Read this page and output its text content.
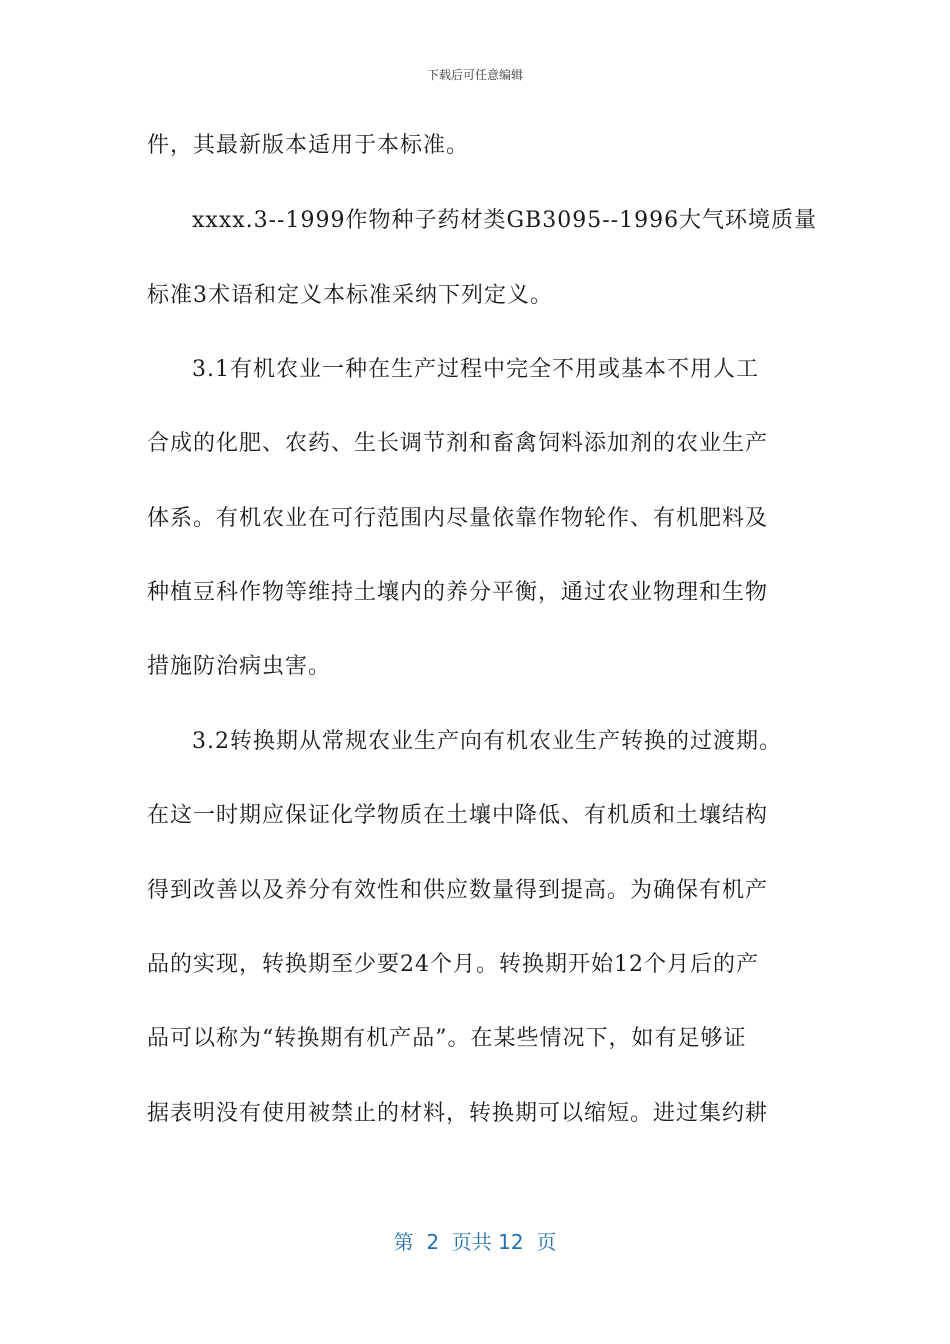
下载后可任意编辑
件，其最新版本适用于本标准。
xxxx.3--1999作物种子药材类GB3095--1996大气环境质量
标准3术语和定义本标准采纳下列定义。
3.1有机农业一种在生产过程中完全不用或基本不用人工
合成的化肥、农药、生长调节剂和畜禽饲料添加剂的农业生产
体系。有机农业在可行范围内尽量依靠作物轮作、有机肥料及
种植豆科作物等维持土壤内的养分平衡，通过农业物理和生物
措施防治病虫害。
3.2转换期从常规农业生产向有机农业生产转换的过渡期。
在这一时期应保证化学物质在土壤中降低、有机质和土壤结构
得到改善以及养分有效性和供应数量得到提高。为确保有机产
品的实现，转换期至少要24个月。转换期开始12个月后的产
品可以称为“转换期有机产品”。在某些情况下，如有足够证
据表明没有使用被禁止的材料，转换期可以缩短。进过集约耕
第  2  页共 12  页
